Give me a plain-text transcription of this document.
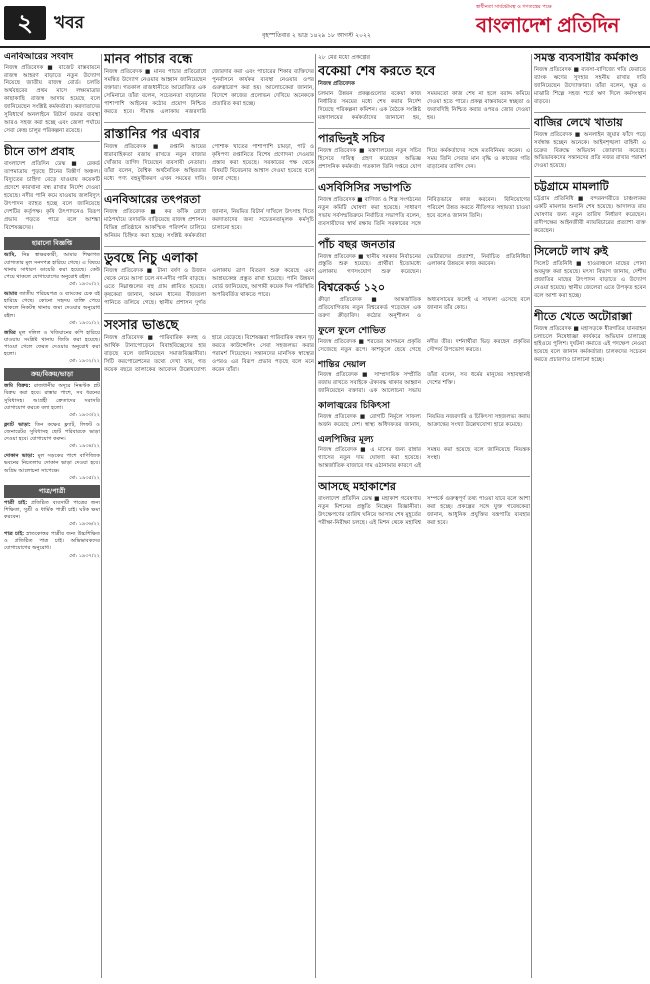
২	খবর
বৃহস্পতিবার ২ ভাদ্র ১৪২৯ ১৮ আগস্ট ২০২২
স্বাধীনতা সার্বভৌমত্ব ও গণতন্ত্রের পক্ষে
বাংলাদেশ প্রতিদিন
এনবিআরের সংবাদ

নিজস্ব প্রতিবেদক ■ বাজেট বাস্তবায়নে রাজস্ব আহরণ বাড়াতে নতুন উদ্যোগ নিয়েছে জাতীয় রাজস্ব বোর্ড। চলতি অর্থবছরের প্রথম মাসে লক্ষ্যমাত্রার কাছাকাছি রাজস্ব আদায় হয়েছে বলে জানিয়েছেন সংশ্লিষ্ট কর্মকর্তারা। করদাতাদের সুবিধার্থে অনলাইনে রিটার্ন জমার ব্যবস্থা আরও সহজ করা হচ্ছে এবং জেলা পর্যায়ে সেবা কেন্দ্র চালুর পরিকল্পনা রয়েছে।

চীনে তাপ প্রবাহ

বাংলাদেশ প্রতিদিন ডেস্ক ■ রেকর্ড তাপমাত্রায় পুড়ছে চীনের বিস্তীর্ণ অঞ্চল। বিদ্যুতের চাহিদা বেড়ে যাওয়ায় কয়েকটি প্রদেশে কারখানা বন্ধ রাখার নির্দেশ দেওয়া হয়েছে। নদীর পানি কমে যাওয়ায় জলবিদ্যুৎ উৎপাদন ব্যাহত হচ্ছে বলে জানিয়েছে দেশটির কর্তৃপক্ষ। কৃষি উৎপাদনেও বিরূপ প্রভাব পড়তে পারে বলে আশঙ্কা বিশেষজ্ঞদের।

হারানো বিজ্ঞপ্তি
আমি, নিম্ন স্বাক্ষরকারী, আমার শিক্ষাগত যোগ্যতার মূল সনদপত্র হারিয়ে গেছে। এ বিষয়ে থানায় সাধারণ ডায়েরি করা হয়েছে। কেউ পেয়ে থাকলে যোগাযোগের অনুরোধ রইল।
মো: ১৯৩০/২২
আমার জাতীয় পরিচয়পত্র ও ব্যাংকের চেক বই হারিয়ে গেছে। কোনো সহৃদয় ব্যক্তি পেয়ে থাকলে নিকটস্থ থানায় জমা দেওয়ার অনুরোধ রইল।
মো: ১৯৩১/২২
জমির মূল দলিল ও খতিয়ানের কপি হারিয়ে যাওয়ায় সংশ্লিষ্ট থানায় জিডি করা হয়েছে। পাওয়া গেলে ফেরত দেওয়ার অনুরোধ করা হলো।
মো: ১৯৩২/২২
ক্রয়/বিক্রয়/ভাড়া
জমি বিক্রয়: রাজধানীর অদূরে নিষ্কণ্টক প্লট বিক্রয় করা হবে। রাস্তার পাশে, সব ধরনের সুবিধাসহ। আগ্রহী ক্রেতাদের সরাসরি যোগাযোগ করতে বলা হলো।
মো: ১৯৩৩/২২
ফ্ল্যাট ভাড়া: তিন কক্ষের ফ্ল্যাট, লিফট ও জেনারেটর সুবিধাসহ ছোট পরিবারকে ভাড়া দেওয়া হবে। যোগাযোগ করুন।
মো: ১৯৩৪/২২
দোকান ভাড়া: মূল সড়কের পাশে বাণিজ্যিক ভবনের নিচতলায় দোকান ভাড়া দেওয়া হবে। অগ্রিম আলোচনা সাপেক্ষে।
মো: ১৯৩৫/২২
পাত্র/পাত্রী
পাত্রী চাই: প্রতিষ্ঠিত ব্যবসায়ী পাত্রের জন্য শিক্ষিতা, সুশ্রী ও ধার্মিক পাত্রী চাই। ঘটক ক্ষমা করবেন।
মো: ১৯৩৬/২২
পাত্র চাই: স্নাতকোত্তর পাত্রীর জন্য উচ্চশিক্ষিত ও প্রতিষ্ঠিত পাত্র চাই। অভিভাবকদের যোগাযোগের অনুরোধ।
মো: ১৯৩৭/২২
মানব পাচার বন্ধে

নিজস্ব প্রতিবেদক ■ মানব পাচার প্রতিরোধে সমন্বিত উদ্যোগ নেওয়ার আহ্বান জানিয়েছেন বক্তারা। গতকাল রাজধানীতে আয়োজিত এক সেমিনারে তাঁরা বলেন, সচেতনতা বাড়ানোর পাশাপাশি আইনের কঠোর প্রয়োগ নিশ্চিত করতে হবে। সীমান্ত এলাকায় নজরদারি জোরদার করা এবং পাচারের শিকার ব্যক্তিদের পুনর্বাসনে কার্যকর ব্যবস্থা নেওয়ার ওপর গুরুত্বারোপ করা হয়। আলোচকেরা জানান, বিদেশে কাজের প্রলোভন দেখিয়ে অনেককে প্রতারিত করা হচ্ছে।

রাস্তানির পর এবার

নিজস্ব প্রতিবেদক ■ রপ্তানি আয়ের ধারাবাহিকতা বজায় রাখতে নতুন বাজার খোঁজার তাগিদ দিয়েছেন ব্যবসায়ী নেতারা। তাঁরা বলেন, বৈশ্বিক অর্থনৈতিক অস্থিরতার মধ্যে পণ্য বহুমুখীকরণ এখন সময়ের দাবি। পোশাক খাতের পাশাপাশি চামড়া, পাট ও কৃষিপণ্য রপ্তানিতে বিশেষ প্রণোদনা দেওয়ার প্রস্তাব করা হয়েছে। সরকারের পক্ষ থেকে বিষয়টি বিবেচনার আশ্বাস দেওয়া হয়েছে বলে জানা গেছে।

এনবিআরের তৎপরতা

নিজস্ব প্রতিবেদক ■ কর ফাঁকি রোধে মাঠপর্যায়ে তদারকি বাড়িয়েছে রাজস্ব প্রশাসন। বিভিন্ন প্রতিষ্ঠানে আকস্মিক পরিদর্শন চালিয়ে অনিয়ম চিহ্নিত করা হচ্ছে। সংশ্লিষ্ট কর্মকর্তারা জানান, নিয়মিত রিটার্ন দাখিলে উৎসাহ দিতে করদাতাদের জন্য সচেতনতামূলক কর্মসূচি চালানো হবে।

ডুবছে নিচু এলাকা

নিজস্ব প্রতিবেদক ■ টানা বর্ষণ ও উজান থেকে নেমে আসা ঢলে নদ-নদীর পানি বাড়ছে। এতে নিম্নাঞ্চলের বহু গ্রাম প্লাবিত হয়েছে। কৃষকেরা জানান, আমন ধানের বীজতলা পানিতে তলিয়ে গেছে। স্থানীয় প্রশাসন দুর্গত এলাকায় ত্রাণ বিতরণ শুরু করেছে এবং আশ্রয়কেন্দ্র প্রস্তুত রাখা হয়েছে। পানি উন্নয়ন বোর্ড জানিয়েছে, আগামী কয়েক দিন পরিস্থিতি অপরিবর্তিত থাকতে পারে।

সংসার ভাঙছে

নিজস্ব প্রতিবেদক ■ পারিবারিক কলহ ও আর্থিক টানাপোড়েনে বিবাহবিচ্ছেদের হার বাড়ছে বলে জানিয়েছেন সমাজবিজ্ঞানীরা। সিটি করপোরেশনের তথ্যে দেখা যায়, গত কয়েক বছরে তালাকের আবেদন উল্লেখযোগ্য হারে বেড়েছে। বিশেষজ্ঞরা পারিবারিক বন্ধন দৃঢ় করতে কাউন্সেলিং সেবা সহজলভ্য করার পরামর্শ দিয়েছেন। সন্তানদের মানসিক স্বাস্থ্যের ওপরও এর বিরূপ প্রভাব পড়ছে বলে মনে করেন তাঁরা।

২৮ মের মধ্যে প্রকল্পের
বকেয়া শেষ করতে হবে
নিজস্ব প্রতিবেদক

চলমান উন্নয়ন প্রকল্পগুলোর বকেয়া কাজ নির্ধারিত সময়ের মধ্যে শেষ করার নির্দেশ দিয়েছে পরিকল্পনা কমিশন। এক বৈঠকে সংশ্লিষ্ট মন্ত্রণালয়ের কর্মকর্তাদের জানানো হয়, সময়মতো কাজ শেষ না হলে বরাদ্দ কমিয়ে দেওয়া হতে পারে। প্রকল্প বাস্তবায়নে স্বচ্ছতা ও জবাবদিহি নিশ্চিত করার ওপরও জোর দেওয়া হয়।

পারভিনুই সচিব

নিজস্ব প্রতিবেদক ■ মন্ত্রণালয়ের নতুন সচিব হিসেবে দায়িত্ব গ্রহণ করেছেন অভিজ্ঞ প্রশাসনিক কর্মকর্তা। গতকাল তিনি দপ্তরে যোগ দিয়ে কর্মকর্তাদের সঙ্গে মতবিনিময় করেন। এ সময় তিনি সেবার মান বৃদ্ধি ও কাজের গতি বাড়ানোর তাগিদ দেন।

এসবিসিসির সভাপতি

নিজস্ব প্রতিবেদক ■ বাণিজ্য ও শিল্প সংগঠনের নতুন কমিটি ঘোষণা করা হয়েছে। সাধারণ সভায় সর্বসম্মতিক্রমে নির্বাচিত সভাপতি বলেন, ব্যবসায়ীদের স্বার্থ রক্ষায় তিনি সরকারের সঙ্গে নিবিড়ভাবে কাজ করবেন। বিনিয়োগের পরিবেশ উন্নত করতে নীতিগত সহায়তা চাওয়া হবে বলেও জানান তিনি।

পাঁচ বছর জনতার

নিজস্ব প্রতিবেদক ■ স্থানীয় সরকার নির্বাচনের প্রস্তুতি শুরু হয়েছে। প্রার্থীরা ইতোমধ্যে এলাকায় গণসংযোগ শুরু করেছেন। ভোটারদের প্রত্যাশা, নির্বাচিত প্রতিনিধিরা এলাকার উন্নয়নে কাজ করবেন।

বিশ্বরেকর্ড ১২০

ক্রীড়া প্রতিবেদক ■ আন্তর্জাতিক প্রতিযোগিতায় নতুন বিশ্বরেকর্ড গড়েছেন এক তরুণ ক্রীড়াবিদ। কঠোর অনুশীলন ও অধ্যবসায়ের ফলেই এ সাফল্য এসেছে বলে জানান তাঁর কোচ।

ফুলে ফুলে শোভিত

নিজস্ব প্রতিবেদক ■ শরতের আগমনে প্রকৃতি সেজেছে নতুন রূপে। কাশফুলে ছেয়ে গেছে নদীর তীর। দর্শনার্থীরা ভিড় করছেন প্রকৃতির সৌন্দর্য উপভোগ করতে।

শান্তির দেয়াল

নিজস্ব প্রতিবেদক ■ সাম্প্রদায়িক সম্প্রীতি বজায় রাখতে সবাইকে ঐক্যবদ্ধ থাকার আহ্বান জানিয়েছেন বক্তারা। এক আলোচনা সভায় তাঁরা বলেন, সব ধর্মের মানুষের সহাবস্থানই দেশের শক্তি।

কালাজ্বরের চিকিৎসা

নিজস্ব প্রতিবেদক ■ রোগটি নির্মূলে সাফল্য অর্জন করেছে দেশ। স্বাস্থ্য অধিদফতর জানায়, নিয়মিত নজরদারি ও চিকিৎসা সহজলভ্য করায় আক্রান্তের সংখ্যা উল্লেখযোগ্য হারে কমেছে।

এলপিজির মূল্য

নিজস্ব প্রতিবেদক ■ এ মাসের জন্য রান্নার গ্যাসের নতুন দাম ঘোষণা করা হয়েছে। আন্তর্জাতিক বাজারে দাম ওঠানামার কারণে এই সমন্বয় করা হয়েছে বলে জানিয়েছে নিয়ন্ত্রক সংস্থা।

আসছে মহাকাশের

বাংলাদেশ প্রতিদিন ডেস্ক ■ মহাকাশ গবেষণায় নতুন মিশনের প্রস্তুতি নিচ্ছেন বিজ্ঞানীরা। উৎক্ষেপণের তারিখ ঘনিয়ে আসায় শেষ মুহূর্তের পরীক্ষা-নিরীক্ষা চলছে। এই মিশন থেকে মহাবিশ্ব সম্পর্কে গুরুত্বপূর্ণ তথ্য পাওয়া যাবে বলে আশা করা হচ্ছে। প্রকল্পের সঙ্গে যুক্ত গবেষকেরা জানান, আধুনিক প্রযুক্তির যন্ত্রপাতি ব্যবহার করা হবে।

সমস্ত ব্যবসায়ীর কর্মকাণ্ড

নিজস্ব প্রতিবেদক ■ ব্যবসা-বাণিজ্যে গতি ফেরাতে ব্যাংক ঋণের সুদহার সহনীয় রাখার দাবি জানিয়েছেন উদ্যোক্তারা। তাঁরা বলেন, ক্ষুদ্র ও মাঝারি শিল্পে সহজ শর্তে ঋণ দিলে কর্মসংস্থান বাড়বে।

বাজির লেখে খাতায়

নিজস্ব প্রতিবেদক ■ অনলাইন জুয়ার ফাঁদে পড়ে সর্বস্বান্ত হচ্ছেন অনেকে। আইনশৃঙ্খলা বাহিনী এ চক্রের বিরুদ্ধে অভিযান জোরদার করেছে। অভিভাবকদের সন্তানদের প্রতি নজর রাখার পরামর্শ দেওয়া হয়েছে।

চট্টগ্রামে মামলাটি

চট্টগ্রাম প্রতিনিধি ■ বন্দরনগরীতে চাঞ্চল্যকর একটি মামলার শুনানি শেষ হয়েছে। আদালত রায় ঘোষণার জন্য নতুন তারিখ নির্ধারণ করেছেন। বাদীপক্ষের আইনজীবী ন্যায়বিচারের প্রত্যাশা ব্যক্ত করেছেন।

সিলেটে লাখ রুই

সিলেট প্রতিনিধি ■ হাওরাঞ্চলে মাছের পোনা অবমুক্ত করা হয়েছে। মৎস্য বিভাগ জানায়, দেশীয় প্রজাতির মাছের উৎপাদন বাড়াতে এ উদ্যোগ নেওয়া হয়েছে। স্থানীয় জেলেরা এতে উপকৃত হবেন বলে আশা করা হচ্ছে।

শীতে খেতে অটোরাক্সা

নিজস্ব প্রতিবেদক ■ মহাসড়কে ধীরগতির যানবাহন চলাচলে নিষেধাজ্ঞা কার্যকরে অভিযান চালাচ্ছে হাইওয়ে পুলিশ। দুর্ঘটনা কমাতে এই পদক্ষেপ নেওয়া হয়েছে বলে জানান কর্মকর্তারা। চালকদের সচেতন করতে প্রচারণাও চালানো হচ্ছে।
